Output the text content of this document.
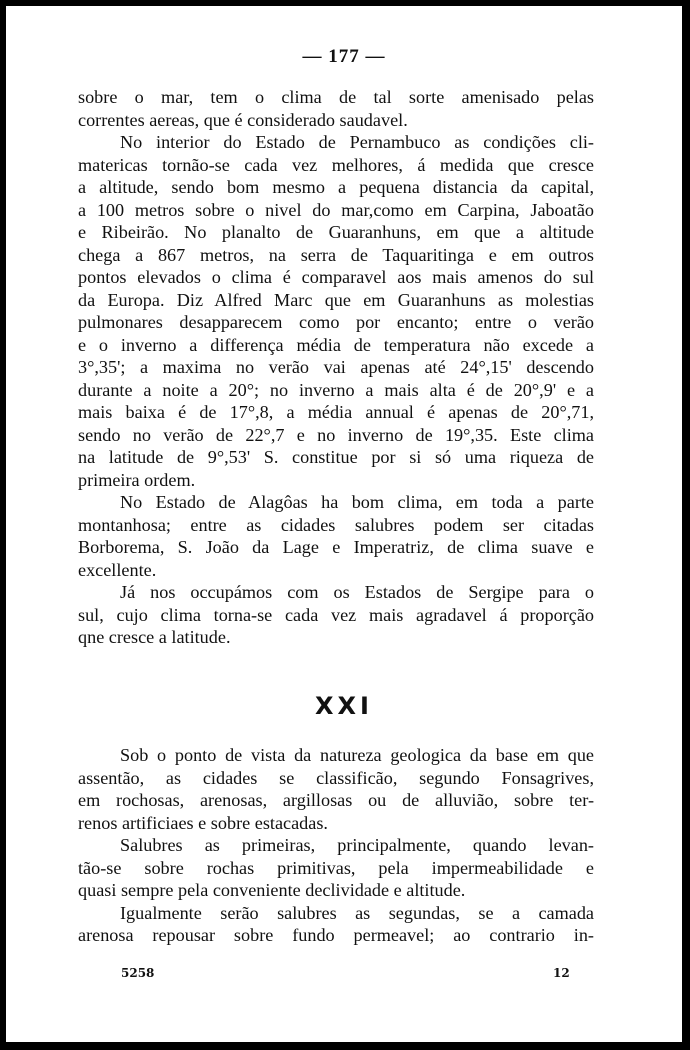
— 177 —
sobre o mar, tem o clima de tal sorte amenisado pelas
correntes aereas, que é considerado saudavel.
No interior do Estado de Pernambuco as condições cli-
matericas tornão-se cada vez melhores, á medida que cresce
a altitude, sendo bom mesmo a pequena distancia da capital,
a 100 metros sobre o nivel do mar,como em Carpina, Jaboatão
e Ribeirão. No planalto de Guaranhuns, em que a altitude
chega a 867 metros, na serra de Taquaritinga e em outros
pontos elevados o clima é comparavel aos mais amenos do sul
da Europa. Diz Alfred Marc que em Guaranhuns as molestias
pulmonares desapparecem como por encanto; entre o verão
e o inverno a differença média de temperatura não excede a
3°,35'; a maxima no verão vai apenas até 24°,15' descendo
durante a noite a 20°; no inverno a mais alta é de 20°,9' e a
mais baixa é de 17°,8, a média annual é apenas de 20°,71,
sendo no verão de 22°,7 e no inverno de 19°,35. Este clima
na latitude de 9°,53' S. constitue por si só uma riqueza de
primeira ordem.
No Estado de Alagôas ha bom clima, em toda a parte
montanhosa; entre as cidades salubres podem ser citadas
Borborema, S. João da Lage e Imperatriz, de clima suave e
excellente.
Já nos occupámos com os Estados de Sergipe para o
sul, cujo clima torna-se cada vez mais agradavel á proporção
qne cresce a latitude.
XXI
Sob o ponto de vista da natureza geologica da base em que
assentão, as cidades se classificão, segundo Fonsagrives,
em rochosas, arenosas, argillosas ou de alluvião, sobre ter-
renos artificiaes e sobre estacadas.
Salubres as primeiras, principalmente, quando levan-
tão-se sobre rochas primitivas, pela impermeabilidade e
quasi sempre pela conveniente declividade e altitude.
Igualmente serão salubres as segundas, se a camada
arenosa repousar sobre fundo permeavel; ao contrario in-
5258	12
